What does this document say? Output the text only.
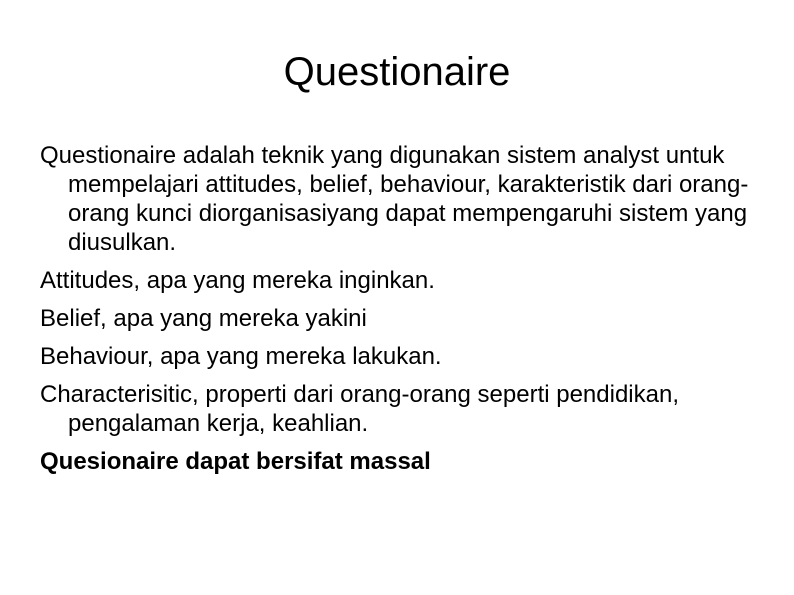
Questionaire
Questionaire adalah teknik yang digunakan sistem analyst untuk mempelajari attitudes, belief, behaviour, karakteristik dari orang-orang kunci diorganisasiyang dapat mempengaruhi sistem yang diusulkan.
Attitudes, apa yang mereka inginkan.
Belief, apa yang mereka yakini
Behaviour, apa yang mereka lakukan.
Characterisitic, properti dari orang-orang seperti pendidikan, pengalaman kerja, keahlian.
Quesionaire dapat bersifat massal
